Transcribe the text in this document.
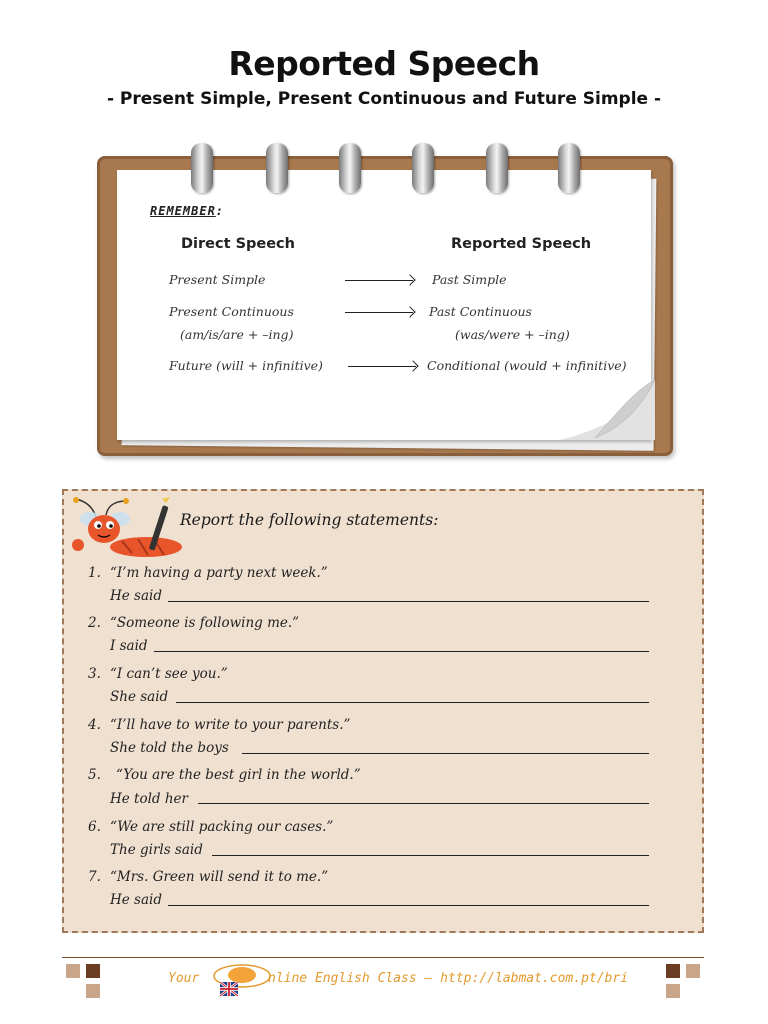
Reported Speech
- Present Simple, Present Continuous and Future Simple -
REMEMBER:
Direct Speech	Reported Speech
Present Simple	Past Simple
Present Continuous	Past Continuous
(am/is/are + –ing)	(was/were + –ing)
Future (will + infinitive)	Conditional (would + infinitive)
Report the following statements:
1. “I’m having a party next week.”
He said
2. “Someone is following me.”
I said
3. “I can’t see you.”
She said
4. “I’ll have to write to your parents.”
She told the boys
5. “You are the best girl in the world.”
He told her
6. “We are still packing our cases.”
The girls said
7. “Mrs. Green will send it to me.”
He said
Your	nline English Class – http://labmat.com.pt/bri
